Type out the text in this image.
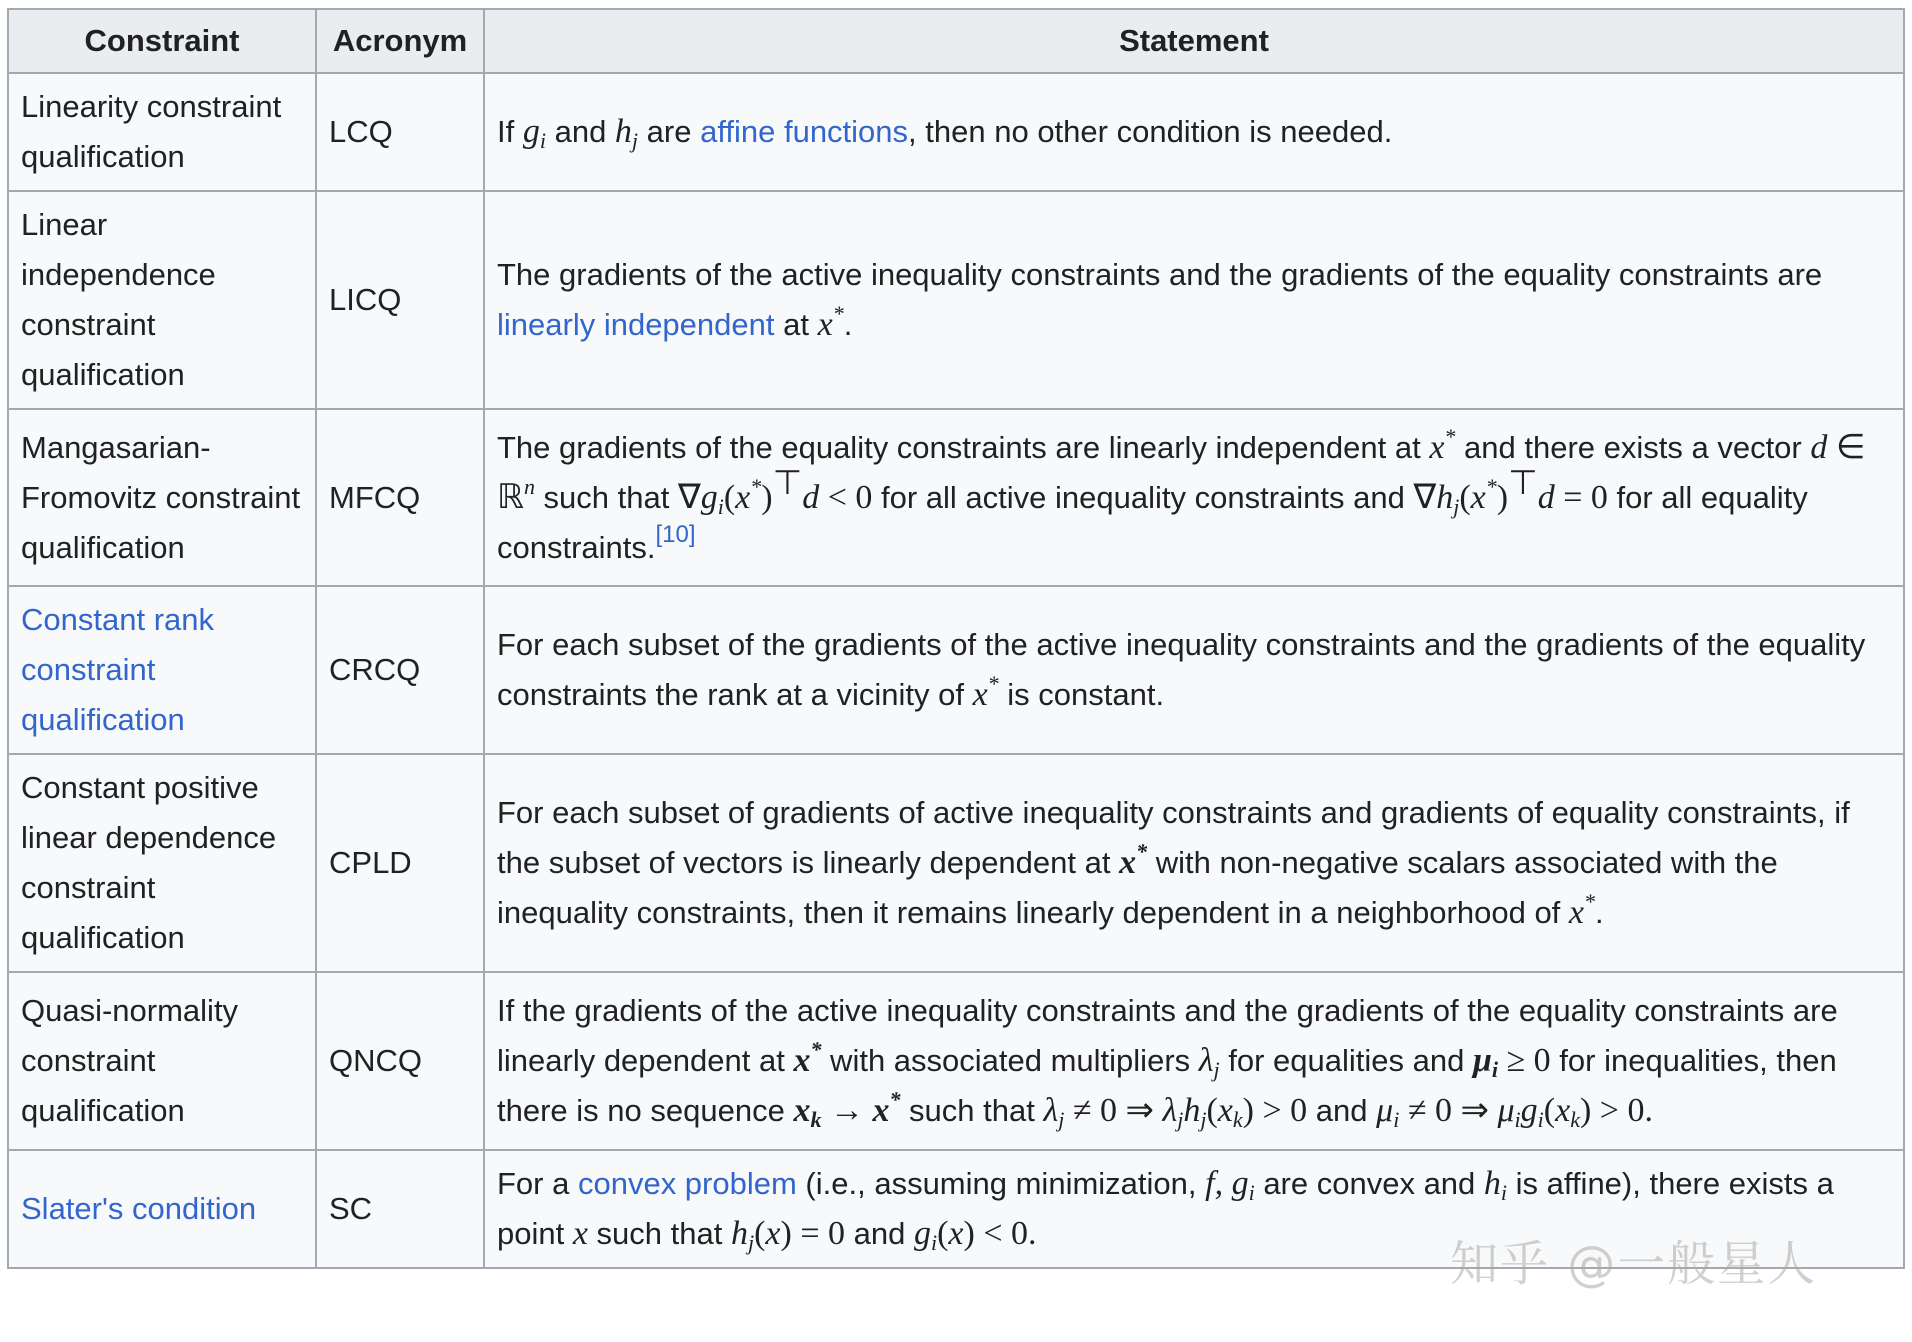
Constraint	Acronym	Statement
Linearity constraint qualification	LCQ	If $g_i$ and $h_j$ are affine functions, then no other condition is needed.
Linear independence constraint qualification	LICQ	The gradients of the active inequality constraints and the gradients of the equality constraints are linearly independent at x*.
Mangasarian-Fromovitz constraint qualification	MFCQ	The gradients of the equality constraints are linearly independent at x* and there exists a vector d ∈ ℝ$^n$ such that $\nabla g_i(x^*)^⊤d < 0$ for all active inequality constraints and $\nabla h_j(x^*)^⊤d = 0$ for all equality constraints.[10]
Constant rank constraint qualification	CRCQ	For each subset of the gradients of the active inequality constraints and the gradients of the equality constraints the rank at a vicinity of x* is constant.
Constant positive linear dependence constraint qualification	CPLD	For each subset of gradients of active inequality constraints and gradients of equality constraints, if the subset of vectors is linearly dependent at x* with non-negative scalars associated with the inequality constraints, then it remains linearly dependent in a neighborhood of x*.
Quasi-normality constraint qualification	QNCQ	If the gradients of the active inequality constraints and the gradients of the equality constraints are linearly dependent at x* with associated multipliers $\lambda_j$ for equalities and $\mu_i \ge 0$ for inequalities, then there is no sequence $x_k \to x^*$ such that $\lambda_j \ne 0$ ⇒ $\lambda_jh_j(x_k) > 0$ and $\mu_i \ne 0$ ⇒ $\mu_ig_i(x_k) > 0$.
Slater's condition	SC	For a convex problem (i.e., assuming minimization, f, $g_i$ are convex and $h_i$ is affine), there exists a point x such that $h_j(x) = 0$ and $g_i(x) < 0$.
知乎 @一般星人
